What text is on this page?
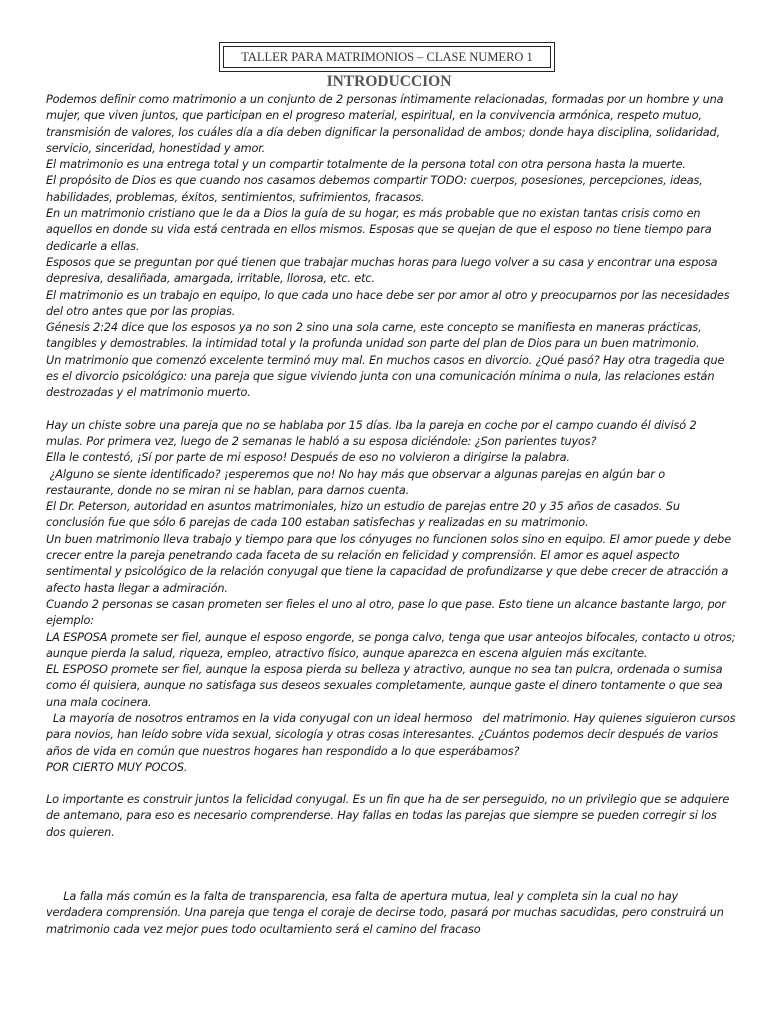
TALLER PARA MATRIMONIOS – CLASE NUMERO 1
INTRODUCCION

Podemos definir como matrimonio a un conjunto de 2 personas íntimamente relacionadas, formadas por un hombre y una mujer, que viven juntos, que participan en el progreso material, espiritual, en la convivencia armónica, respeto mutuo, transmisión de valores, los cuáles día a día deben dignificar la personalidad de ambos; donde haya disciplina, solidaridad, servicio, sinceridad, honestidad y amor.

El matrimonio es una entrega total y un compartir totalmente de la persona total con otra persona hasta la muerte.

El propósito de Dios es que cuando nos casamos debemos compartir TODO: cuerpos, posesiones, percepciones, ideas, habilidades, problemas, éxitos, sentimientos, sufrimientos, fracasos.

En un matrimonio cristiano que le da a Dios la guía de su hogar, es más probable que no existan tantas crisis como en aquellos en donde su vida está centrada en ellos mismos. Esposas que se quejan de que el esposo no tiene tiempo para dedicarle a ellas.

Esposos que se preguntan por qué tienen que trabajar muchas horas para luego volver a su casa y encontrar una esposa depresiva, desaliñada, amargada, irritable, llorosa, etc. etc.

El matrimonio es un trabajo en equipo, lo que cada uno hace debe ser por amor al otro y preocuparnos por las necesidades del otro antes que por las propias.

Génesis 2:24 dice que los esposos ya no son 2 sino una sola carne, este concepto se manifiesta en maneras prácticas, tangibles y demostrables. la intimidad total y la profunda unidad son parte del plan de Dios para un buen matrimonio.

Un matrimonio que comenzó excelente terminó muy mal. En muchos casos en divorcio. ¿Qué pasó? Hay otra tragedia que es el divorcio psicológico: una pareja que sigue viviendo junta con una comunicación mínima o nula, las relaciones están destrozadas y el matrimonio muerto.

Hay un chiste sobre una pareja que no se hablaba por 15 días. Iba la pareja en coche por el campo cuando él divisó 2 mulas. Por primera vez, luego de 2 semanas le habló a su esposa diciéndole: ¿Son parientes tuyos?

Ella le contestó, ¡Sí por parte de mi esposo! Después de eso no volvieron a dirigirse la palabra.

¿Alguno se siente identificado? ¡esperemos que no! No hay más que observar a algunas parejas en algún bar o restaurante, donde no se miran ni se hablan, para darnos cuenta.

El Dr. Peterson, autoridad en asuntos matrimoniales, hizo un estudio de parejas entre 20 y 35 años de casados. Su conclusión fue que sólo 6 parejas de cada 100 estaban satisfechas y realizadas en su matrimonio.

Un buen matrimonio lleva trabajo y tiempo para que los cónyuges no funcionen solos sino en equipo. El amor puede y debe crecer entre la pareja penetrando cada faceta de su relación en felicidad y comprensión. El amor es aquel aspecto sentimental y psicológico de la relación conyugal que tiene la capacidad de profundizarse y que debe crecer de atracción a afecto hasta llegar a admiración.

Cuando 2 personas se casan prometen ser fieles el uno al otro, pase lo que pase. Esto tiene un alcance bastante largo, por ejemplo:

LA ESPOSA promete ser fiel, aunque el esposo engorde, se ponga calvo, tenga que usar anteojos bifocales, contacto u otros; aunque pierda la salud, riqueza, empleo, atractivo físico, aunque aparezca en escena alguien más excitante.

EL ESPOSO promete ser fiel, aunque la esposa pierda su belleza y atractivo, aunque no sea tan pulcra, ordenada o sumisa como él quisiera, aunque no satisfaga sus deseos sexuales completamente, aunque gaste el dinero tontamente o que sea una mala cocinera.

La mayoría de nosotros entramos en la vida conyugal con un ideal hermoso   del matrimonio. Hay quienes siguieron cursos para novios, han leído sobre vida sexual, sicología y otras cosas interesantes. ¿Cuántos podemos decir después de varios años de vida en común que nuestros hogares han respondido a lo que esperábamos?

POR CIERTO MUY POCOS.

Lo importante es construir juntos la felicidad conyugal. Es un fin que ha de ser perseguido, no un privilegio que se adquiere de antemano, para eso es necesario comprenderse. Hay fallas en todas las parejas que siempre se pueden corregir si los dos quieren.

La falla más común es la falta de transparencia, esa falta de apertura mutua, leal y completa sin la cual no hay verdadera comprensión. Una pareja que tenga el coraje de decirse todo, pasará por muchas sacudidas, pero construirá un matrimonio cada vez mejor pues todo ocultamiento será el camino del fracaso
